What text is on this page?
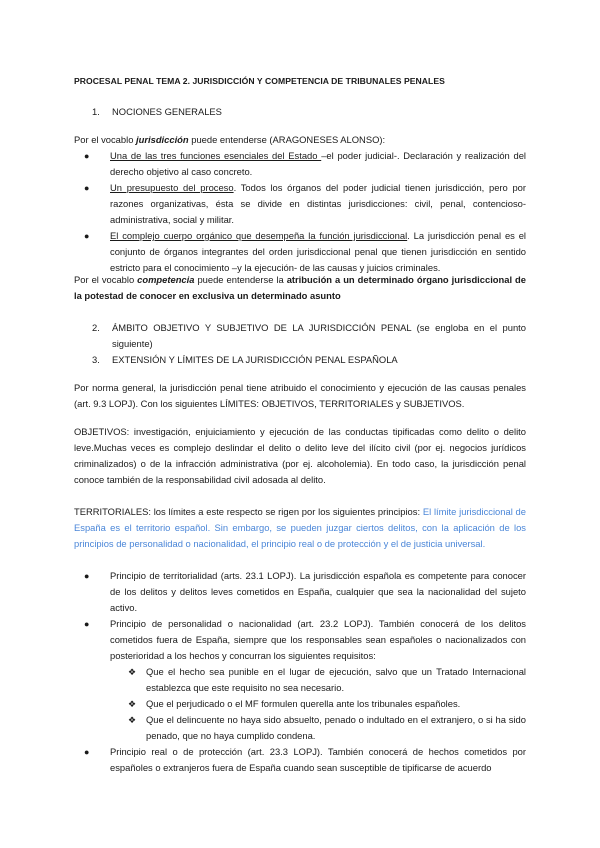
PROCESAL PENAL TEMA 2. JURISDICCIÓN Y COMPETENCIA DE TRIBUNALES PENALES
1. NOCIONES GENERALES
Por el vocablo jurisdicción puede entenderse (ARAGONESES ALONSO):
● Una de las tres funciones esenciales del Estado –el poder judicial-. Declaración y realización del derecho objetivo al caso concreto.
● Un presupuesto del proceso. Todos los órganos del poder judicial tienen jurisdicción, pero por razones organizativas, ésta se divide en distintas jurisdicciones: civil, penal, contencioso-administrativa, social y militar.
● El complejo cuerpo orgánico que desempeña la función jurisdiccional. La jurisdicción penal es el conjunto de órganos integrantes del orden jurisdiccional penal que tienen jurisdicción en sentido estricto para el conocimiento –y la ejecución- de las causas y juicios criminales.
Por el vocablo competencia puede entenderse la atribución a un determinado órgano jurisdiccional de la potestad de conocer en exclusiva un determinado asunto
2. ÁMBITO OBJETIVO Y SUBJETIVO DE LA JURISDICCIÓN PENAL (se engloba en el punto siguiente)
3. EXTENSIÓN Y LÍMITES DE LA JURISDICCIÓN PENAL ESPAÑOLA
Por norma general, la jurisdicción penal tiene atribuido el conocimiento y ejecución de las causas penales (art. 9.3 LOPJ). Con los siguientes LÍMITES: OBJETIVOS, TERRITORIALES y SUBJETIVOS.
OBJETIVOS: investigación, enjuiciamiento y ejecución de las conductas tipificadas como delito o delito leve.Muchas veces es complejo deslindar el delito o delito leve del ilícito civil (por ej. negocios jurídicos criminalizados) o de la infracción administrativa (por ej. alcoholemia). En todo caso, la jurisdicción penal conoce también de la responsabilidad civil adosada al delito.
TERRITORIALES: los límites a este respecto se rigen por los siguientes principios: El límite jurisdiccional de España es el territorio español. Sin embargo, se pueden juzgar ciertos delitos, con la aplicación de los principios de personalidad o nacionalidad, el principio real o de protección y el de justicia universal.
● Principio de territorialidad (arts. 23.1 LOPJ). La jurisdicción española es competente para conocer de los delitos y delitos leves cometidos en España, cualquier que sea la nacionalidad del sujeto activo.
● Principio de personalidad o nacionalidad (art. 23.2 LOPJ). También conocerá de los delitos cometidos fuera de España, siempre que los responsables sean españoles o nacionalizados con posterioridad a los hechos y concurran los siguientes requisitos:
❖ Que el hecho sea punible en el lugar de ejecución, salvo que un Tratado Internacional establezca que este requisito no sea necesario.
❖ Que el perjudicado o el MF formulen querella ante los tribunales españoles.
❖ Que el delincuente no haya sido absuelto, penado o indultado en el extranjero, o si ha sido penado, que no haya cumplido condena.
● Principio real o de protección (art. 23.3 LOPJ). También conocerá de hechos cometidos por españoles o extranjeros fuera de España cuando sean susceptible de tipificarse de acuerdo
